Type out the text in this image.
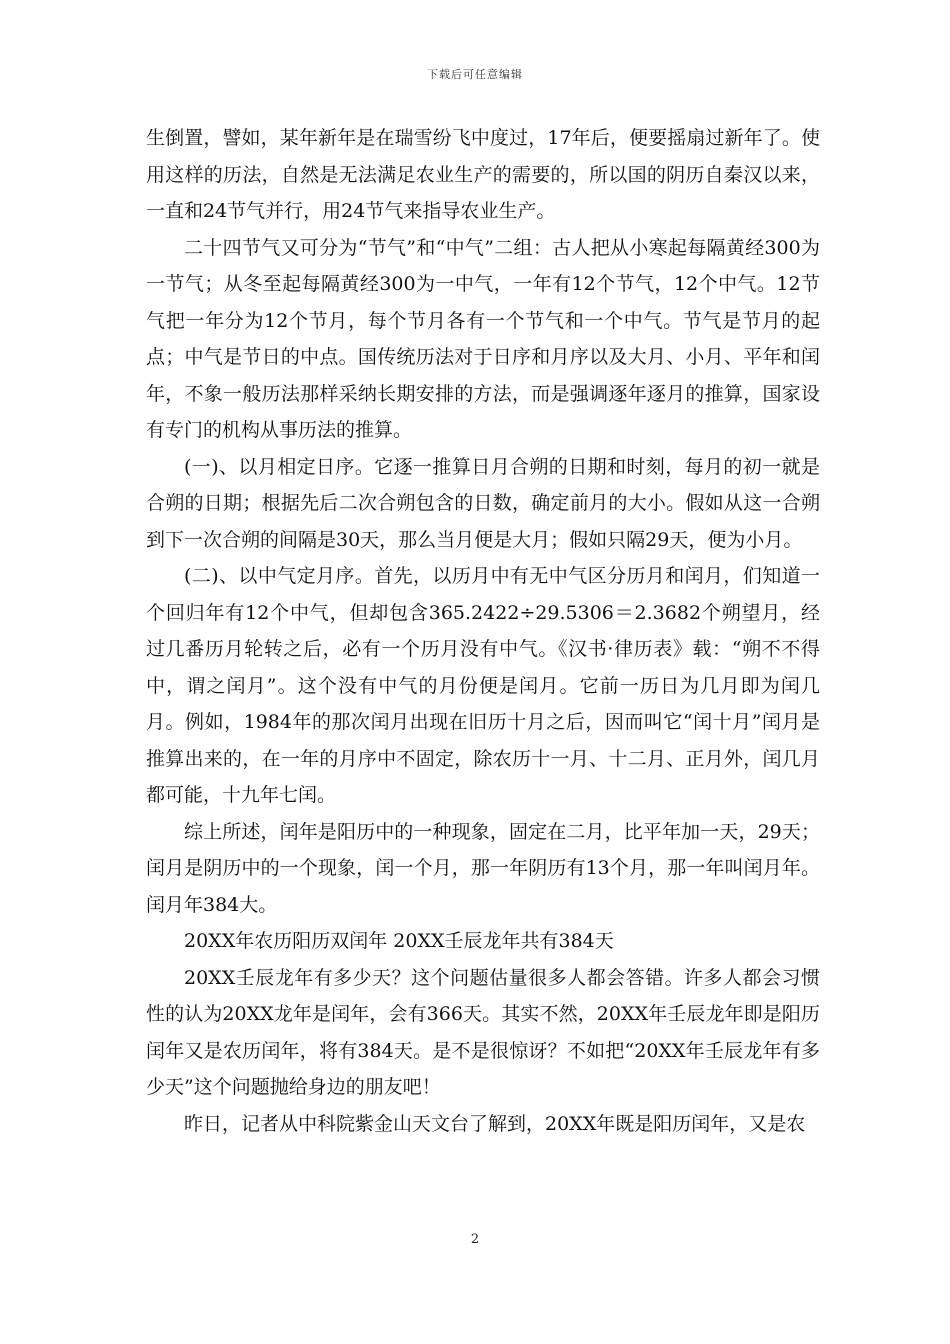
下载后可任意编辑

生倒置，譬如，某年新年是在瑞雪纷飞中度过，17年后，便要摇扇过新年了。使用这样的历法，自然是无法满足农业生产的需要的，所以国的阴历自秦汉以来，一直和24节气并行，用24节气来指导农业生产。

二十四节气又可分为“节气”和“中气”二组：古人把从小寒起每隔黄经300为一节气；从冬至起每隔黄经300为一中气，一年有12个节气，12个中气。12节气把一年分为12个节月，每个节月各有一个节气和一个中气。节气是节月的起点；中气是节日的中点。国传统历法对于日序和月序以及大月、小月、平年和闰年，不象一般历法那样采纳长期安排的方法，而是强调逐年逐月的推算，国家设有专门的机构从事历法的推算。

(一)、以月相定日序。它逐一推算日月合朔的日期和时刻，每月的初一就是合朔的日期；根据先后二次合朔包含的日数，确定前月的大小。假如从这一合朔到下一次合朔的间隔是30天，那么当月便是大月；假如只隔29天，便为小月。

(二)、以中气定月序。首先，以历月中有无中气区分历月和闰月，们知道一个回归年有12个中气，但却包含365.2422÷29.5306＝2.3682个朔望月，经过几番历月轮转之后，必有一个历月没有中气。《汉书·律历表》载：“朔不不得中，谓之闰月”。这个没有中气的月份便是闰月。它前一历日为几月即为闰几月。例如，1984年的那次闰月出现在旧历十月之后，因而叫它“闰十月”闰月是推算出来的，在一年的月序中不固定，除农历十一月、十二月、正月外，闰几月都可能，十九年七闰。

综上所述，闰年是阳历中的一种现象，固定在二月，比平年加一天，29天；闰月是阴历中的一个现象，闰一个月，那一年阴历有13个月，那一年叫闰月年。闰月年384大。

20XX年农历阳历双闰年 20XX壬辰龙年共有384天

20XX壬辰龙年有多少天？这个问题估量很多人都会答错。许多人都会习惯性的认为20XX龙年是闰年，会有366天。其实不然，20XX年壬辰龙年即是阳历闰年又是农历闰年，将有384天。是不是很惊讶？不如把“20XX年壬辰龙年有多少天”这个问题抛给身边的朋友吧！

昨日，记者从中科院紫金山天文台了解到，20XX年既是阳历闰年，又是农

2
